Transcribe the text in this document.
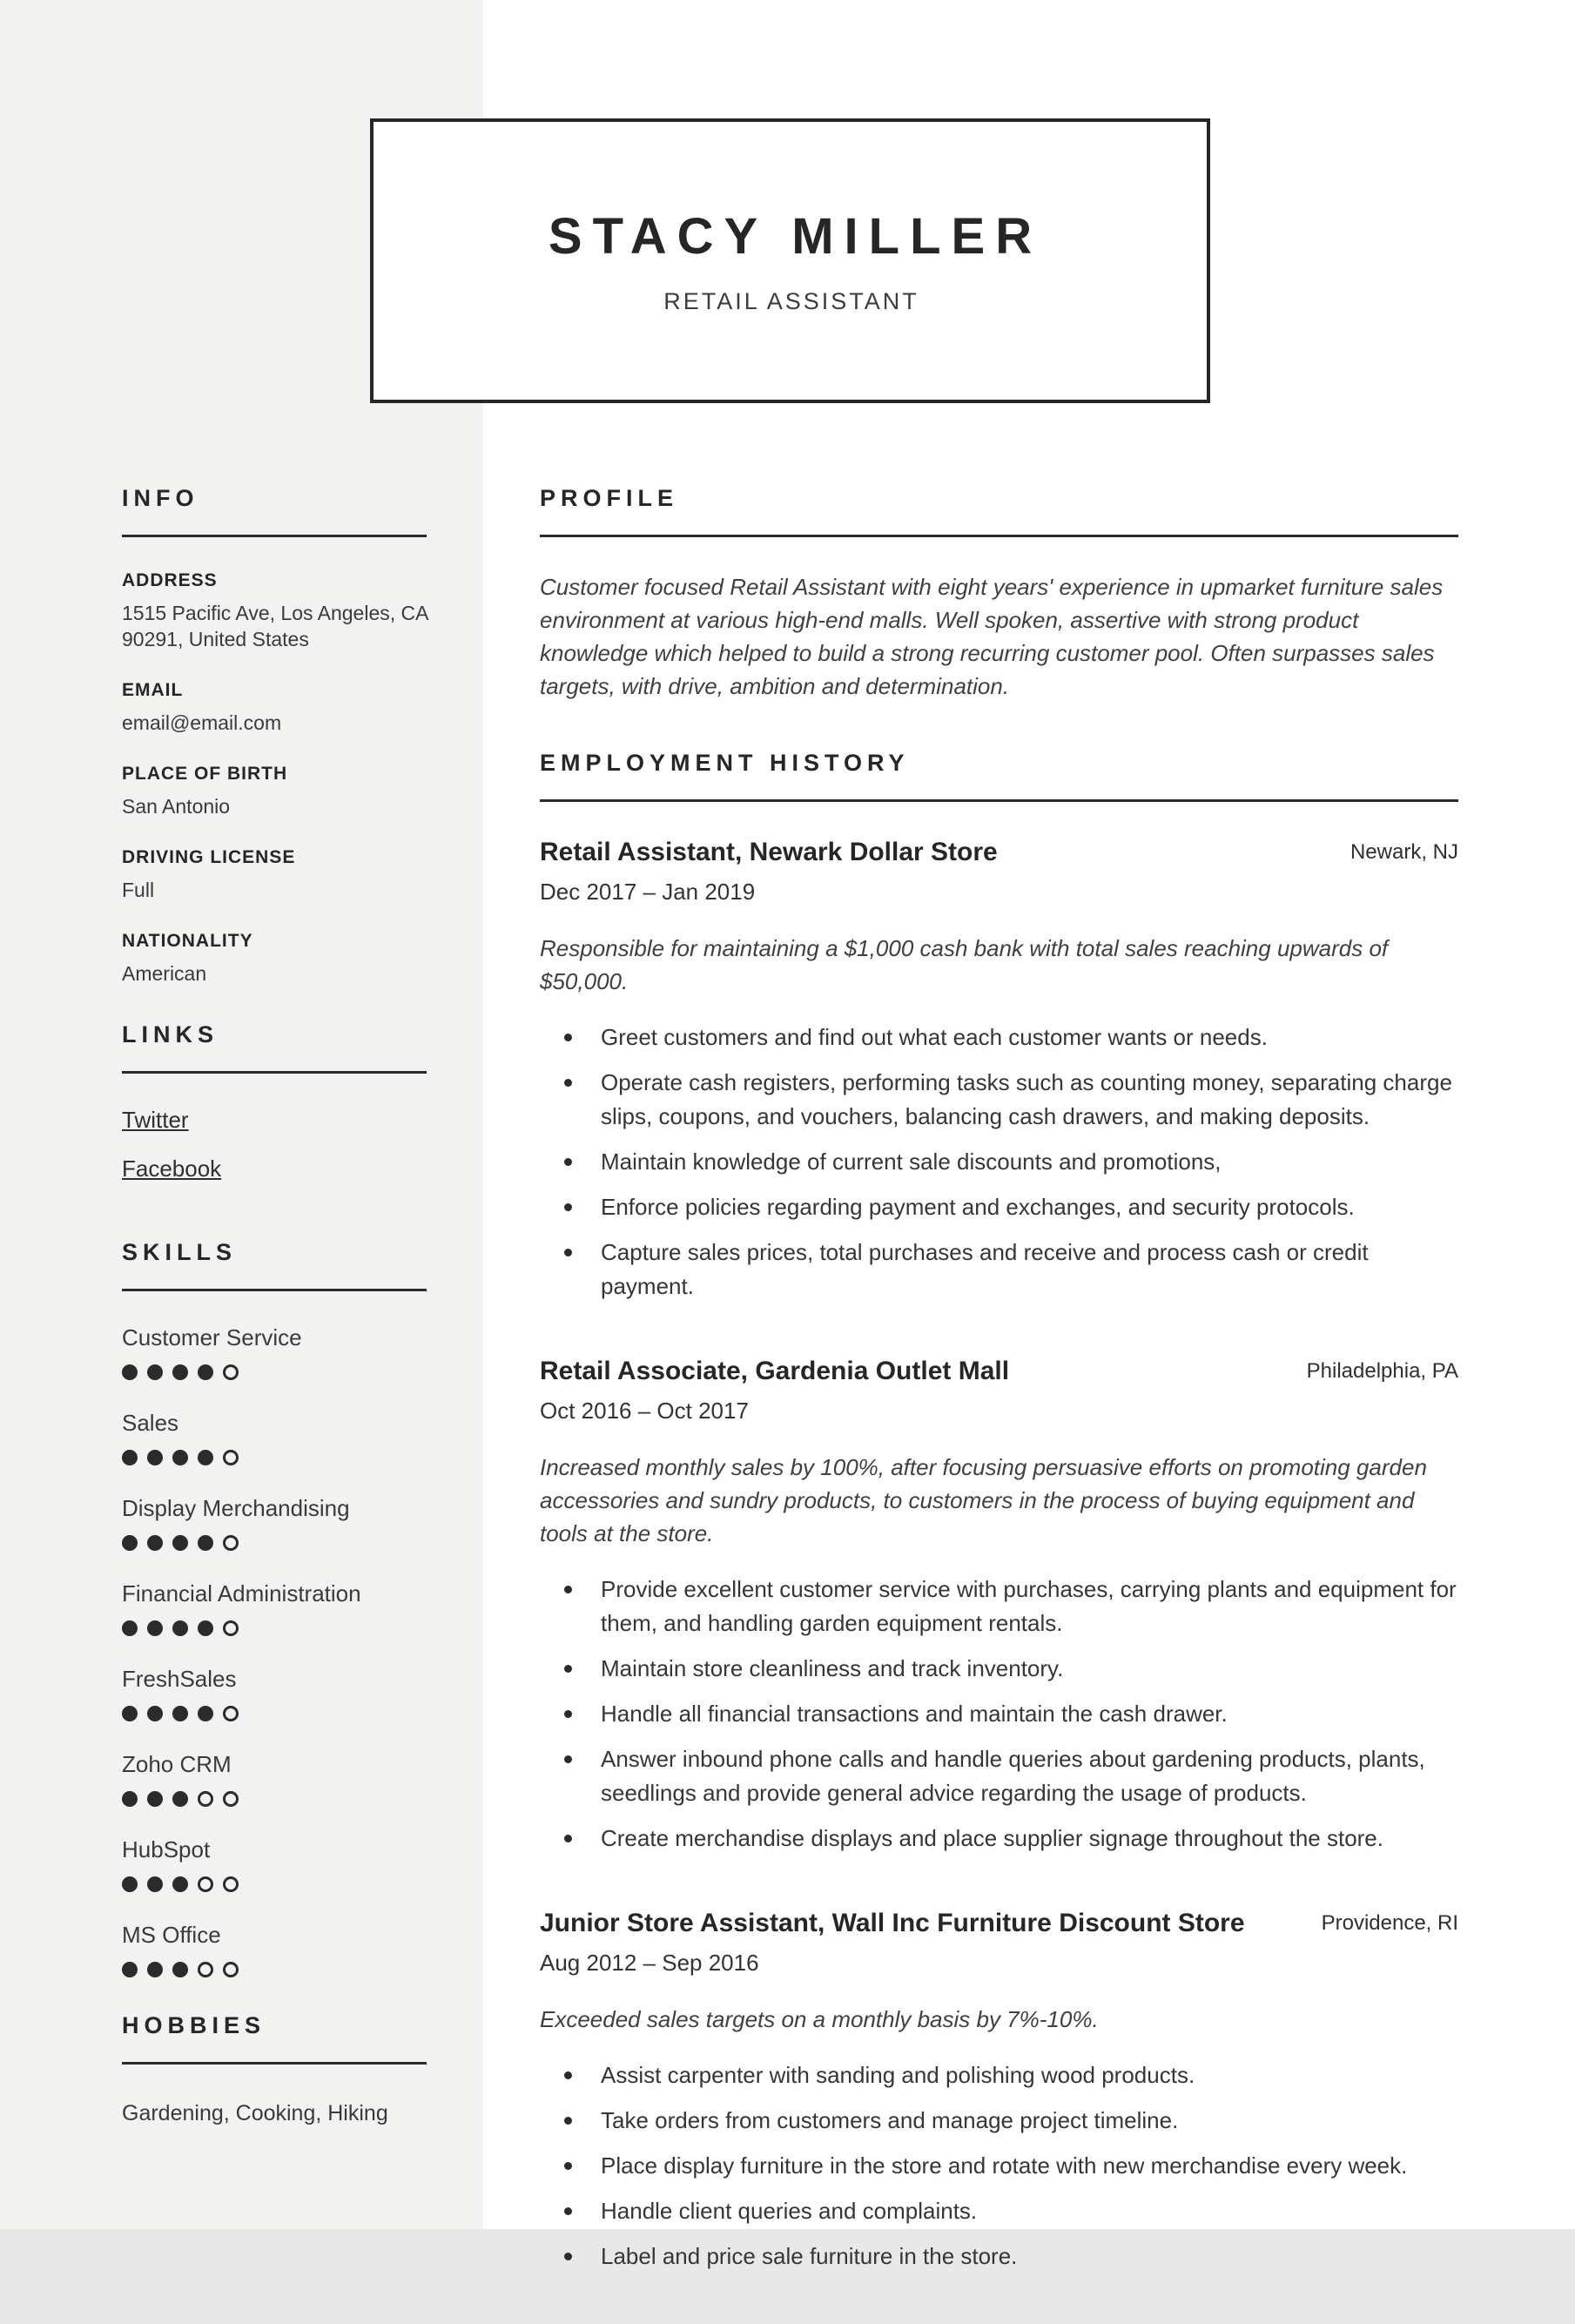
INFO
ADDRESS
1515 Pacific Ave, Los Angeles, CA 90291, United States
EMAIL
email@email.com
PLACE OF BIRTH
San Antonio
DRIVING LICENSE
Full
NATIONALITY
American
LINKS
Twitter
Facebook
SKILLS
Customer Service
Sales
Display Merchandising
Financial Administration
FreshSales
Zoho CRM
HubSpot
MS Office
HOBBIES
Gardening, Cooking, Hiking
STACY MILLER
RETAIL ASSISTANT
PROFILE

Customer focused Retail Assistant with eight years' experience in upmarket furniture sales environment at various high-end malls. Well spoken, assertive with strong product knowledge which helped to build a strong recurring customer pool. Often surpasses sales targets, with drive, ambition and determination.

EMPLOYMENT HISTORY
Retail Assistant, Newark Dollar Store	Newark, NJ
Dec 2017 – Jan 2019

Responsible for maintaining a $1,000 cash bank with total sales reaching upwards of $50,000.

Greet customers and find out what each customer wants or needs.
Operate cash registers, performing tasks such as counting money, separating charge slips, coupons, and vouchers, balancing cash drawers, and making deposits.
Maintain knowledge of current sale discounts and promotions,
Enforce policies regarding payment and exchanges, and security protocols.
Capture sales prices, total purchases and receive and process cash or credit payment.
Retail Associate, Gardenia Outlet Mall	Philadelphia, PA
Oct 2016 – Oct 2017

Increased monthly sales by 100%, after focusing persuasive efforts on promoting garden accessories and sundry products, to customers in the process of buying equipment and tools at the store.

Provide excellent customer service with purchases, carrying plants and equipment for them, and handling garden equipment rentals.
Maintain store cleanliness and track inventory.
Handle all financial transactions and maintain the cash drawer.
Answer inbound phone calls and handle queries about gardening products, plants, seedlings and provide general advice regarding the usage of products.
Create merchandise displays and place supplier signage throughout the store.
Junior Store Assistant, Wall Inc Furniture Discount Store	Providence, RI
Aug 2012 – Sep 2016

Exceeded sales targets on a monthly basis by 7%-10%.

Assist carpenter with sanding and polishing wood products.
Take orders from customers and manage project timeline.
Place display furniture in the store and rotate with new merchandise every week.
Handle client queries and complaints.
Label and price sale furniture in the store.
